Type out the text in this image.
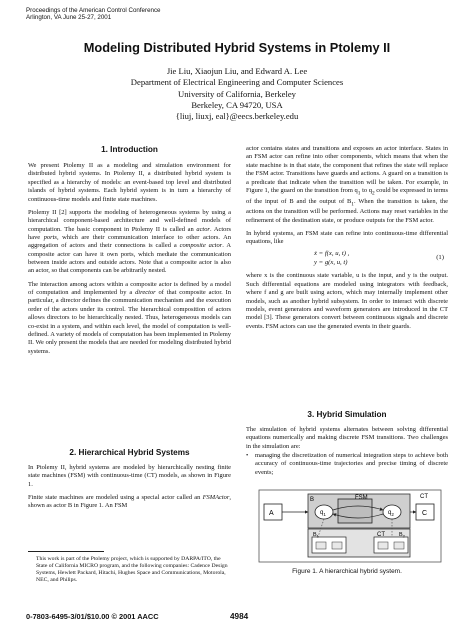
Proceedings of the American Control Conference
Arlington, VA June 25-27, 2001
Modeling Distributed Hybrid Systems in Ptolemy II
Jie Liu, Xiaojun Liu, and Edward A. Lee
Department of Electrical Engineering and Computer Sciences
University of California, Berkeley
Berkeley, CA 94720, USA
{liuj, liuxj, eal}@eecs.berkeley.edu
1. Introduction

We present Ptolemy II as a modeling and simulation environment for distributed hybrid systems. In Ptolemy II, a distributed hybrid system is specified as a hierarchy of models: an event-based top level and distributed islands of hybrid systems. Each hybrid system is in turn a hierarchy of continuous-time models and finite state machines.

Ptolemy II [2] supports the modeling of heterogeneous systems by using a hierarchical component-based architecture and well-defined models of computation. The basic component in Ptolemy II is called an actor. Actors have ports, which are their communication interface to other actors. An aggregation of actors and their connections is called a composite actor. A composite actor can have it own ports, which mediate the communication between inside actors and outside actors. Note that a composite actor is also an actor, so that components can be arbitrarily nested.

The interaction among actors within a composite actor is defined by a model of computation and implemented by a director of that composite actor. In particular, a director defines the communication mechanism and the execution order of the actors under its control. The hierarchical composition of actors allows directors to be hierarchically nested. Thus, heterogeneous models can co-exist in a system, and within each level, the model of computation is well-defined. A variety of models of computation has been implemented in Ptolemy II. We only present the models that are needed for modeling distributed hybrid systems.

2. Hierarchical Hybrid Systems

In Ptolemy II, hybrid systems are modeled by hierarchically nesting finite state machines (FSM) with continuous-time (CT) models, as shown in Figure 1.

Finite state machines are modeled using a special actor called an FSMActor, shown as actor B in Figure 1. An FSM

This work is part of the Ptolemy project, which is supported by DARPA/ITO, the State of California MICRO program, and the following companies: Cadence Design Systems, Hewlett Packard, Hitachi, Hughes Space and Communications, Motorola, NEC, and Philips.

actor contains states and transitions and exposes an actor interface. States in an FSM actor can refine into other components, which means that when the state machine is in that state, the component that refines the state will replace the FSM actor. Transitions have guards and actions. A guard on a transition is a predicate that indicate when the transition will be taken. For example, in Figure 1, the guard on the transition from $q_1$ to $q_2$ could be expressed in terms of the input of B and the output of $B_1$. When the transition is taken, the actions on the transition will be performed. Actions may reset variables in the refinement of the destination state, or produce outputs for the FSM actor.

In hybrid systems, an FSM state can refine into continuous-time differential equations, like

ẋ = f(x, u, t) ,
y = g(x, u, t)
(1)

where x is the continuous state variable, u is the input, and y is the output. Such differential equations are modeled using integrators with feedback, where f and g are built using actors, which may internally implement other models, such as another hybrid subsystem. In order to interact with discrete models, event generators and waveform generators are introduced in the CT model [3]. These generators convert between continuous signals and discrete events. FSM actors can use the generated events in their guards.

3. Hybrid Simulation

The simulation of hybrid systems alternates between solving differential equations numerically and making discrete FSM transitions. Two challenges in the simulation are:

• managing the discretization of numerical integration steps to achieve both accuracy of continuous-time trajectories and precise timing of discrete events;
A
B
C
FSM	CT
CT
$q_1$	$q_2$
$B_1$	$B_2$
Figure 1. A hierarchical hybrid system.
0-7803-6495-3/01/$10.00 © 2001 AACC	4984
